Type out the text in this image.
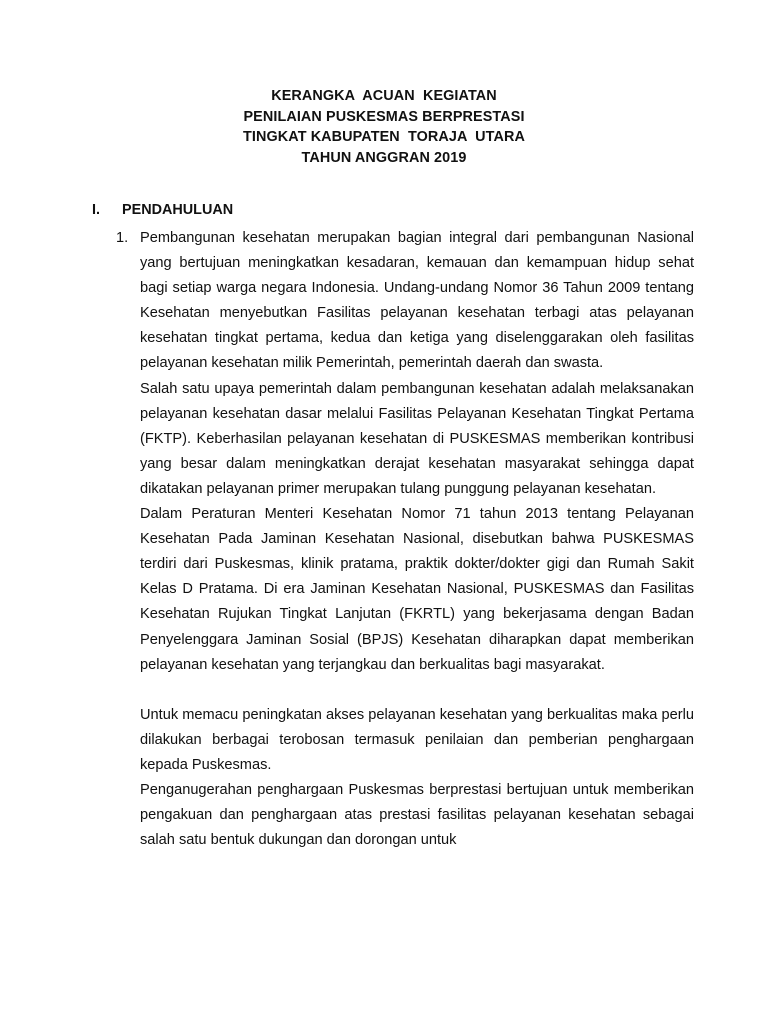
KERANGKA  ACUAN  KEGIATAN
PENILAIAN PUSKESMAS BERPRESTASI
TINGKAT KABUPATEN  TORAJA  UTARA
TAHUN ANGGRAN 2019
I. PENDAHULUAN
1. Pembangunan kesehatan merupakan bagian integral dari pembangunan Nasional yang bertujuan meningkatkan kesadaran, kemauan dan kemampuan hidup sehat bagi setiap warga negara Indonesia. Undang-undang Nomor 36 Tahun 2009 tentang Kesehatan menyebutkan Fasilitas pelayanan kesehatan terbagi atas pelayanan kesehatan tingkat pertama, kedua dan ketiga yang diselenggarakan oleh fasilitas pelayanan kesehatan milik Pemerintah, pemerintah daerah dan swasta.

Salah satu upaya pemerintah dalam pembangunan kesehatan adalah melaksanakan pelayanan kesehatan dasar melalui Fasilitas Pelayanan Kesehatan Tingkat Pertama (FKTP). Keberhasilan pelayanan kesehatan di PUSKESMAS memberikan kontribusi yang besar dalam meningkatkan derajat kesehatan masyarakat sehingga dapat dikatakan pelayanan primer merupakan tulang punggung pelayanan kesehatan.

Dalam Peraturan Menteri Kesehatan Nomor 71 tahun 2013 tentang Pelayanan Kesehatan Pada Jaminan Kesehatan Nasional, disebutkan bahwa PUSKESMAS terdiri dari Puskesmas, klinik pratama, praktik dokter/dokter gigi dan Rumah Sakit Kelas D Pratama. Di era Jaminan Kesehatan Nasional, PUSKESMAS dan Fasilitas Kesehatan Rujukan Tingkat Lanjutan (FKRTL) yang bekerjasama dengan Badan Penyelenggara Jaminan Sosial (BPJS) Kesehatan diharapkan dapat memberikan pelayanan kesehatan yang terjangkau dan berkualitas bagi masyarakat.

Untuk memacu peningkatan akses pelayanan kesehatan yang berkualitas maka perlu dilakukan berbagai terobosan termasuk penilaian dan pemberian penghargaan kepada Puskesmas.

Penganugerahan penghargaan Puskesmas berprestasi bertujuan untuk memberikan pengakuan dan penghargaan atas prestasi fasilitas pelayanan kesehatan sebagai salah satu bentuk dukungan dan dorongan untuk
